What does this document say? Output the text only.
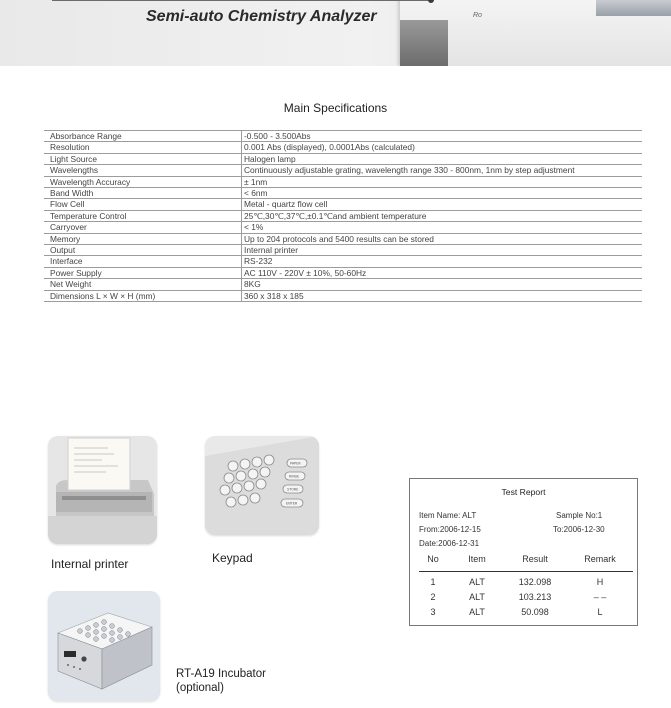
Ro
Semi-auto Chemistry Analyzer
Main Specifications
Absorbance Range	-0.500 - 3.500Abs
Resolution	0.001 Abs (displayed), 0.0001Abs (calculated)
Light Source	Halogen lamp
Wavelengths	Continuously adjustable grating, wavelength range 330 - 800nm, 1nm by step adjustment
Wavelength Accuracy	± 1nm
Band Width	< 6nm
Flow Cell	Metal - quartz flow cell
Temperature Control	25℃,30℃,37℃,±0.1℃and ambient temperature
Carryover	< 1%
Memory	Up to 204 protocols and 5400 results can be stored
Output	Internal printer
Interface	RS-232
Power Supply	AC 110V - 220V ± 10%, 50-60Hz
Net Weight	8KG
Dimensions L × W × H (mm)	360 x 318 x 185
PAPER
RINSE
STORE
ENTER
Internal printer	Keypad
RT-A19 Incubator
(optional)
Test Report
Item Name: ALT	Sample No:1
From:2006-12-15	To:2006-12-30
Date:2006-12-31
No	Item	Result	Remark
1	ALT	132.098	H
2	ALT	103.213	– –
3	ALT	50.098	L
